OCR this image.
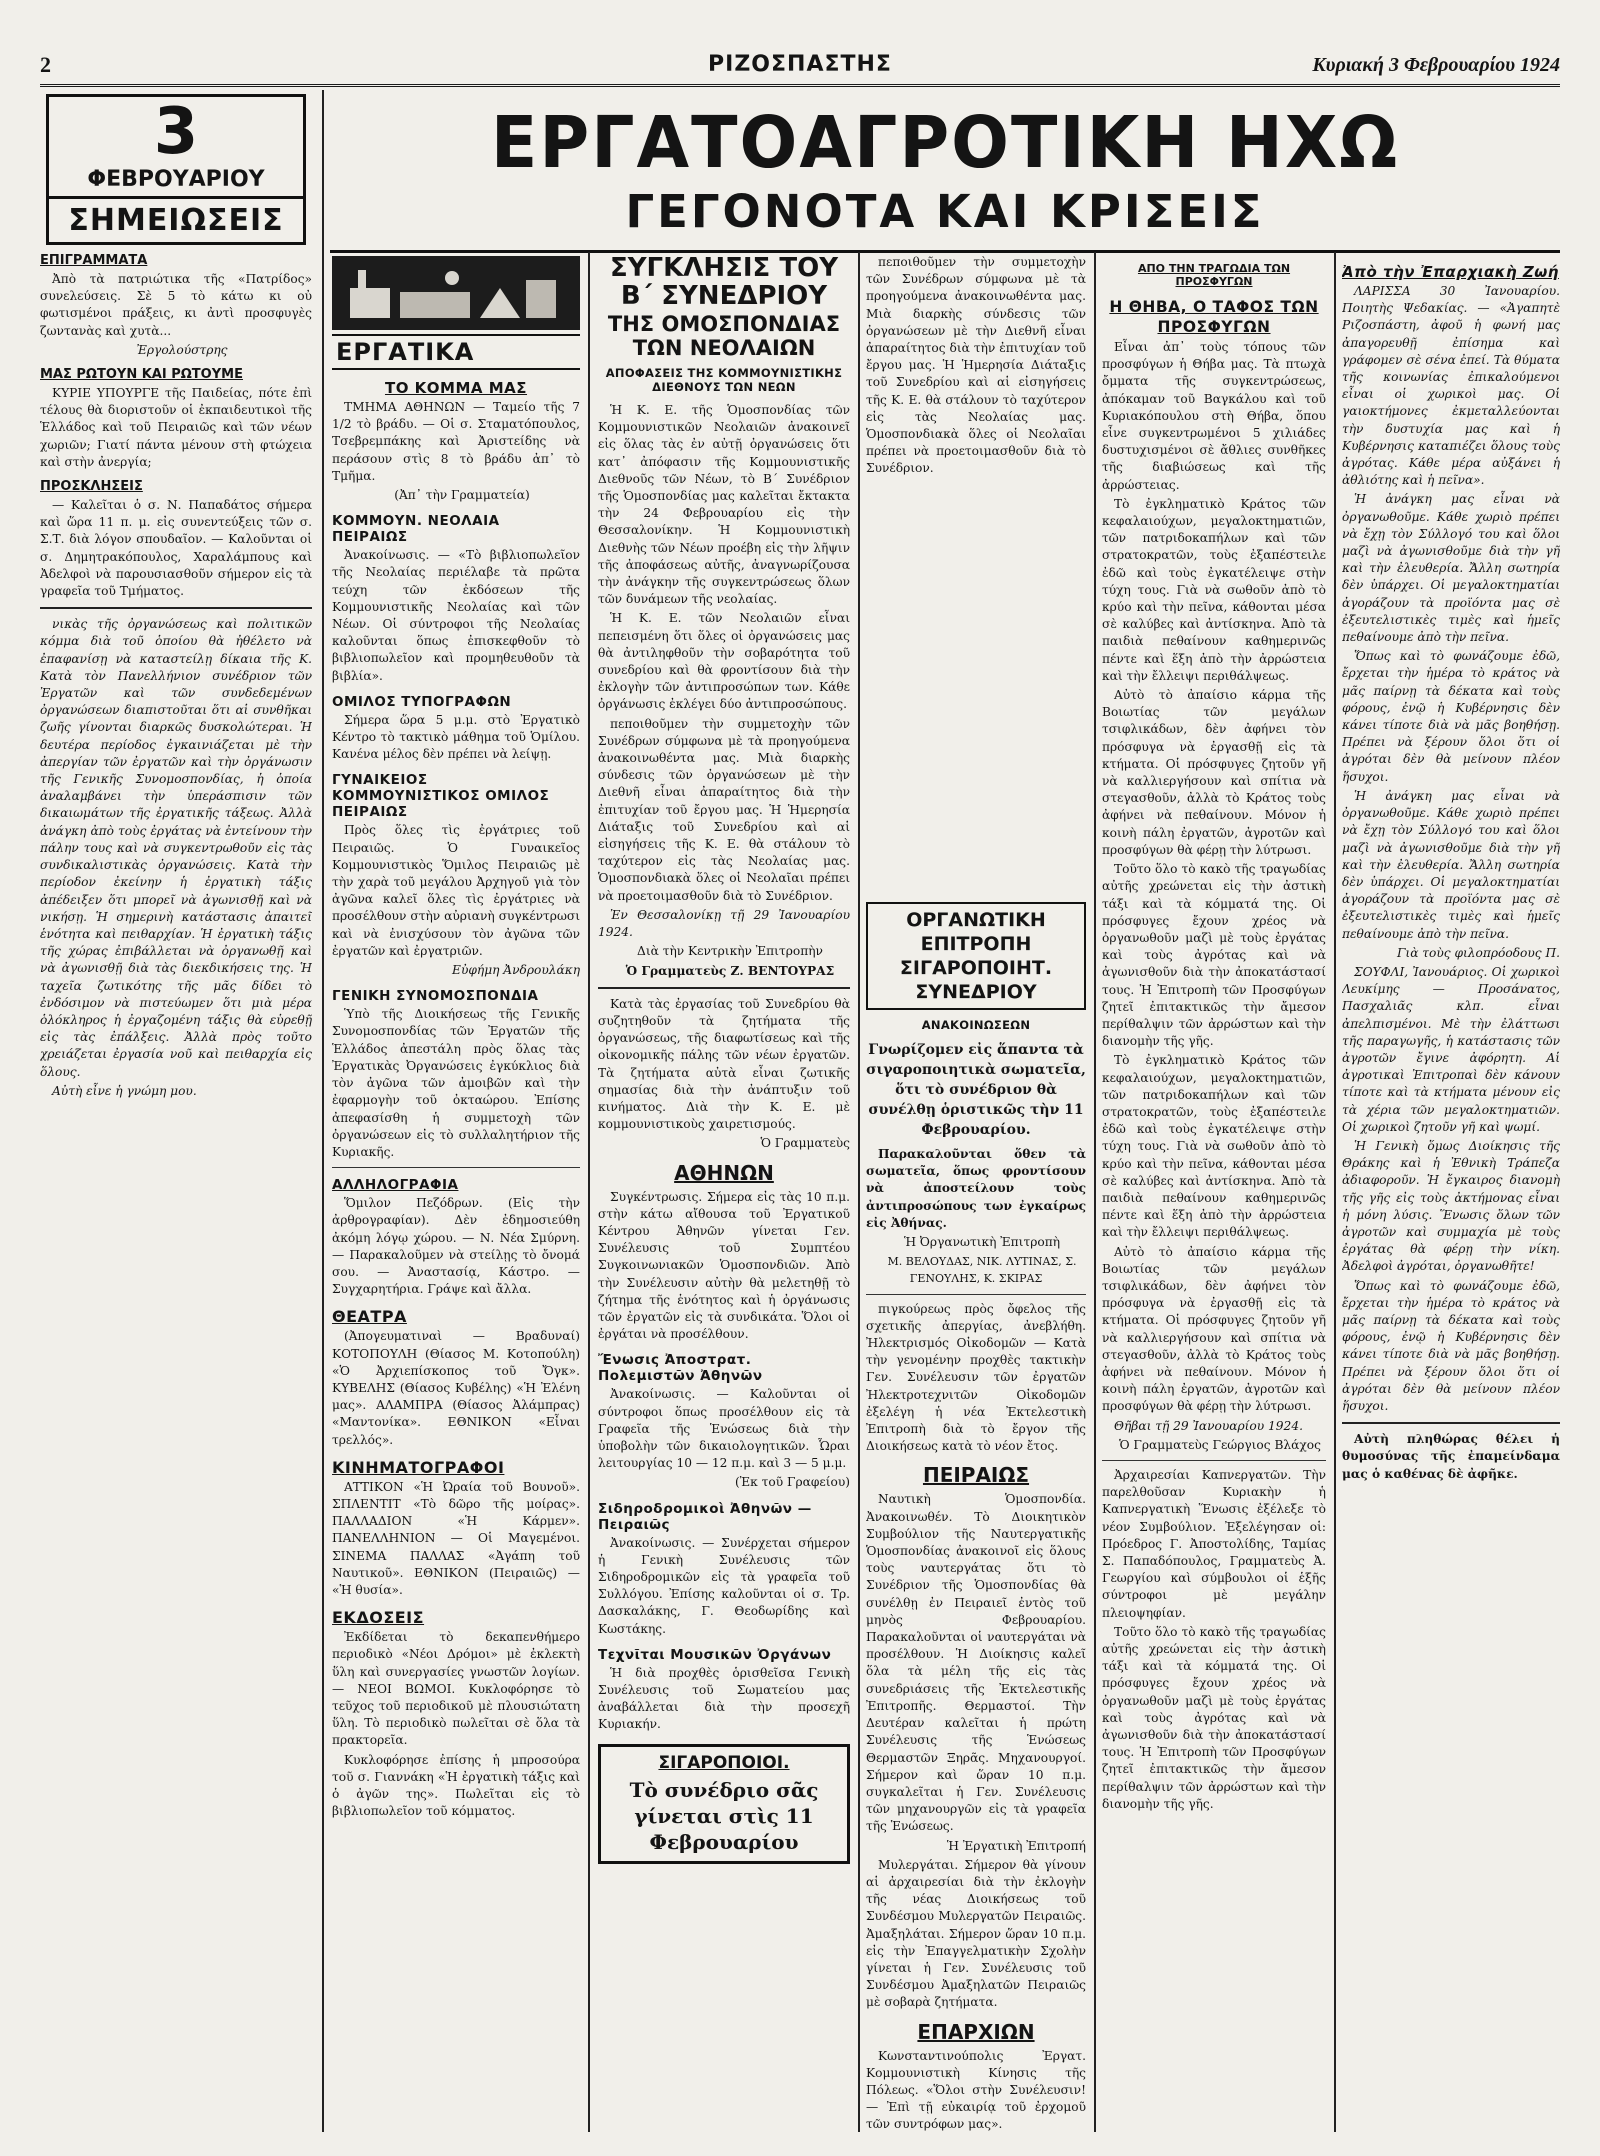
2	ΡΙΖΟΣΠΑΣΤΗΣ	Κυριακή 3 Φεβρουαρίου 1924
ΕΡΓΑΤΟΑΓΡΟΤΙΚΗ ΗΧΩ
ΓΕΓΟΝΟΤΑ ΚΑΙ ΚΡΙΣΕΙΣ
3
ΦΕΒΡΟΥΑΡΙΟΥ
ΣΗΜΕΙΩΣΕΙΣ
ΕΠΙΓΡΑΜΜΑΤΑ

Ἀπὸ τὰ πατριώτικα τῆς «Πατρίδος» συνελεύσεις. Σὲ 5 τὸ κάτω κι οὐ φωτισμένοι πράξεις, κι ἀντὶ προσφυγὲς ζωντανὰς καὶ χυτὰ...

Ἐργολούστρης

ΜΑΣ ΡΩΤΟΥΝ ΚΑΙ ΡΩΤΟΥΜΕ

ΚΥΡΙΕ ΥΠΟΥΡΓΕ τῆς Παιδείας, πότε ἐπὶ τέλους θὰ διοριστοῦν οἱ ἐκπαιδευτικοὶ τῆς Ἑλλάδος καὶ τοῦ Πειραιῶς καὶ τῶν νέων χωριῶν; Γιατί πάντα μένουν στὴ φτώχεια καὶ στὴν ἀνεργία;

ΠΡΟΣΚΛΗΣΕΙΣ

— Καλεῖται ὁ σ. Ν. Παπαδάτος σήμερα καὶ ὥρα 11 π. μ. εἰς συνεντεύξεις τῶν σ. Σ.Τ. διὰ λόγον σπουδαῖον. — Καλοῦνται οἱ σ. Δημητρακόπουλος, Χαραλάμπους καὶ Ἀδελφοὶ νὰ παρουσιασθοῦν σήμερον εἰς τὰ γραφεῖα τοῦ Τμήματος.

νικὰς τῆς ὀργανώσεως καὶ πολιτικῶν κόμμα διὰ τοῦ ὁποίου θὰ ἠθέλετο νὰ ἐπαφανίσῃ νὰ καταστείλῃ δίκαια τῆς Κ. Κατὰ τὸν Πανελλήνιον συνέδριον τῶν Ἐργατῶν καὶ τῶν συνδεδεμένων ὀργανώσεων διαπιστοῦται ὅτι αἱ συνθῆκαι ζωῆς γίνονται διαρκῶς δυσκολώτεραι. Ἡ δευτέρα περίοδος ἐγκαινιάζεται μὲ τὴν ἀπεργίαν τῶν ἐργατῶν καὶ τὴν ὀργάνωσιν τῆς Γενικῆς Συνομοσπονδίας, ἡ ὁποία ἀναλαμβάνει τὴν ὑπεράσπισιν τῶν δικαιωμάτων τῆς ἐργατικῆς τάξεως. Ἀλλὰ ἀνάγκη ἀπὸ τοὺς ἐργάτας νὰ ἐντείνουν τὴν πάλην τους καὶ νὰ συγκεντρωθοῦν εἰς τὰς συνδικαλιστικὰς ὀργανώσεις. Κατὰ τὴν περίοδον ἐκείνην ἡ ἐργατικὴ τάξις ἀπέδειξεν ὅτι μπορεῖ νὰ ἀγωνισθῇ καὶ νὰ νικήσῃ. Ἡ σημερινὴ κατάστασις ἀπαιτεῖ ἑνότητα καὶ πειθαρχίαν. Ἡ ἐργατικὴ τάξις τῆς χώρας ἐπιβάλλεται νὰ ὀργανωθῇ καὶ νὰ ἀγωνισθῇ διὰ τὰς διεκδικήσεις της. Ἡ ταχεῖα ζωτικότης τῆς μᾶς δίδει τὸ ἐνδόσιμον νὰ πιστεύωμεν ὅτι μιὰ μέρα ὁλόκληρος ἡ ἐργαζομένη τάξις θὰ εὑρεθῇ εἰς τὰς ἐπάλξεις. Ἀλλὰ πρὸς τοῦτο χρειάζεται ἐργασία νοῦ καὶ πειθαρχία εἰς ὅλους.

Αὐτὴ εἶνε ἡ γνώμη μου.

ΕΡΓΑΤΙΚΑ
ΤΟ ΚΟΜΜΑ ΜΑΣ

ΤΜΗΜΑ ΑΘΗΝΩΝ — Ταμείο τῆς 7 1/2 τὸ βράδυ. — Οἱ σ. Σταματόπουλος, Τσεβρεμπάκης καὶ Ἀριστείδης νὰ περάσουν στὶς 8 τὸ βράδυ ἀπ᾽ τὸ Τμῆμα.

(Ἀπ᾽ τὴν Γραμματεία)

ΚΟΜΜΟΥΝ. ΝΕΟΛΑΙΑ ΠΕΙΡΑΙΩΣ

Ἀνακοίνωσις. — «Τὸ βιβλιοπωλεῖον τῆς Νεολαίας περιέλαβε τὰ πρῶτα τεύχη τῶν ἐκδόσεων τῆς Κομμουνιστικῆς Νεολαίας καὶ τῶν Νέων. Οἱ σύντροφοι τῆς Νεολαίας καλοῦνται ὅπως ἐπισκεφθοῦν τὸ βιβλιοπωλεῖον καὶ προμηθευθοῦν τὰ βιβλία».

ΟΜΙΛΟΣ ΤΥΠΟΓΡΑΦΩΝ

Σήμερα ὥρα 5 μ.μ. στὸ Ἐργατικὸ Κέντρο τὸ τακτικὸ μάθημα τοῦ Ὁμίλου. Κανένα μέλος δὲν πρέπει νὰ λείψῃ.

ΓΥΝΑΙΚΕΙΟΣ ΚΟΜΜΟΥΝΙΣΤΙΚΟΣ ΟΜΙΛΟΣ ΠΕΙΡΑΙΩΣ

Πρὸς ὅλες τὶς ἐργάτριες τοῦ Πειραιῶς. Ὁ Γυναικεῖος Κομμουνιστικὸς Ὅμιλος Πειραιῶς μὲ τὴν χαρὰ τοῦ μεγάλου Ἀρχηγοῦ γιὰ τὸν ἀγῶνα καλεῖ ὅλες τὶς ἐργάτριες νὰ προσέλθουν στὴν αὐριανὴ συγκέντρωσι καὶ νὰ ἐνισχύσουν τὸν ἀγῶνα τῶν ἐργατῶν καὶ ἐργατριῶν.

Εὐφήμη Ἀνδρουλάκη

ΓΕΝΙΚΗ ΣΥΝΟΜΟΣΠΟΝΔΙΑ

Ὑπὸ τῆς Διοικήσεως τῆς Γενικῆς Συνομοσπονδίας τῶν Ἐργατῶν τῆς Ἑλλάδος ἀπεστάλη πρὸς ὅλας τὰς Ἐργατικὰς Ὀργανώσεις ἐγκύκλιος διὰ τὸν ἀγῶνα τῶν ἀμοιβῶν καὶ τὴν ἐφαρμογὴν τοῦ ὀκταώρου. Ἐπίσης ἀπεφασίσθη ἡ συμμετοχὴ τῶν ὀργανώσεων εἰς τὸ συλλαλητήριον τῆς Κυριακῆς.

ΑΛΛΗΛΟΓΡΑΦΙΑ

Ὅμιλον Πεζόδρων. (Εἰς τὴν ἀρθρογραφίαν). Δὲν ἐδημοσιεύθη ἀκόμη λόγῳ χώρου. — Ν. Νέα Σμύρνη. — Παρακαλοῦμεν νὰ στείλῃς τὸ ὄνομά σου. — Ἀναστασίᾳ, Κάστρο. — Συγχαρητήρια. Γράψε καὶ ἄλλα.

ΘΕΑΤΡΑ

(Ἀπογευματιναὶ — Βραδυναί) ΚΟΤΟΠΟΥΛΗ (Θίασος Μ. Κοτοπούλη) «Ὁ Ἀρχιεπίσκοπος τοῦ Ὄγκ». ΚΥΒΕΛΗΣ (Θίασος Κυβέλης) «Ἡ Ἐλένη μας». ΑΛΑΜΠΡΑ (Θίασος Ἀλάμπρας) «Μαντονίκα». ΕΘΝΙΚΟΝ «Εἶναι τρελλός».

ΚΙΝΗΜΑΤΟΓΡΑΦΟΙ

ΑΤΤΙΚΟΝ «Ἡ Ὠραία τοῦ Βουνοῦ». ΣΠΛΕΝΤΙΤ «Τὸ δῶρο τῆς μοίρας». ΠΑΛΛΑΔΙΟΝ «Ἡ Κάρμεν». ΠΑΝΕΛΛΗΝΙΟΝ — Οἱ Μαγεμένοι. ΣΙΝΕΜΑ ΠΑΛΛΑΣ «Ἀγάπη τοῦ Ναυτικοῦ». ΕΘΝΙΚΟΝ (Πειραιῶς) — «Ἡ θυσία».

ΕΚΔΟΣΕΙΣ

Ἐκδίδεται τὸ δεκαπενθήμερο περιοδικὸ «Νέοι Δρόμοι» μὲ ἐκλεκτὴ ὕλη καὶ συνεργασίες γνωστῶν λογίων. — ΝΕΟΙ ΒΩΜΟΙ. Κυκλοφόρησε τὸ τεῦχος τοῦ περιοδικοῦ μὲ πλουσιώτατη ὕλη. Τὸ περιοδικὸ πωλεῖται σὲ ὅλα τὰ πρακτορεῖα.

Κυκλοφόρησε ἐπίσης ἡ μπροσούρα τοῦ σ. Γιαννάκη «Ἡ ἐργατικὴ τάξις καὶ ὁ ἀγῶν της». Πωλεῖται εἰς τὸ βιβλιοπωλεῖον τοῦ κόμματος.

ΣΥΓΚΛΗΣΙΣ ΤΟΥ Β΄ ΣΥΝΕΔΡΙΟΥ
ΤΗΣ ΟΜΟΣΠΟΝΔΙΑΣ ΤΩΝ ΝΕΟΛΑΙΩΝ
ΑΠΟΦΑΣΕΙΣ ΤΗΣ ΚΟΜΜΟΥΝΙΣΤΙΚΗΣ ΔΙΕΘΝΟΥΣ ΤΩΝ ΝΕΩΝ

Ἡ Κ. Ε. τῆς Ὁμοσπονδίας τῶν Κομμουνιστικῶν Νεολαιῶν ἀνακοινεῖ εἰς ὅλας τὰς ἐν αὐτῇ ὀργανώσεις ὅτι κατ᾽ ἀπόφασιν τῆς Κομμουνιστικῆς Διεθνοῦς τῶν Νέων, τὸ Β΄ Συνέδριον τῆς Ὁμοσπονδίας μας καλεῖται ἔκτακτα τὴν 24 Φεβρουαρίου εἰς τὴν Θεσσαλονίκην. Ἡ Κομμουνιστικὴ Διεθνὴς τῶν Νέων προέβη εἰς τὴν λῆψιν τῆς ἀποφάσεως αὐτῆς, ἀναγνωρίζουσα τὴν ἀνάγκην τῆς συγκεντρώσεως ὅλων τῶν δυνάμεων τῆς νεολαίας.

Ἡ Κ. Ε. τῶν Νεολαιῶν εἶναι πεπεισμένη ὅτι ὅλες οἱ ὀργανώσεις μας θὰ ἀντιληφθοῦν τὴν σοβαρότητα τοῦ συνεδρίου καὶ θὰ φροντίσουν διὰ τὴν ἐκλογὴν τῶν ἀντιπροσώπων των. Κάθε ὀργάνωσις ἐκλέγει δύο ἀντιπροσώπους.

πεποιθοῦμεν τὴν συμμετοχὴν τῶν Συνέδρων σύμφωνα μὲ τὰ προηγούμενα ἀνακοινωθέντα μας. Μιὰ διαρκὴς σύνδεσις τῶν ὀργανώσεων μὲ τὴν Διεθνῆ εἶναι ἀπαραίτητος διὰ τὴν ἐπιτυχίαν τοῦ ἔργου μας. Ἡ Ἡμερησία Διάταξις τοῦ Συνεδρίου καὶ αἱ εἰσηγήσεις τῆς Κ. Ε. θὰ στάλουν τὸ ταχύτερον εἰς τὰς Νεολαίας μας. Ὁμοσπονδιακὰ ὅλες οἱ Νεολαῖαι πρέπει νὰ προετοιμασθοῦν διὰ τὸ Συνέδριον.

Ἐν Θεσσαλονίκῃ τῇ 29 Ἰανουαρίου 1924.

Διὰ τὴν Κεντρικὴν Ἐπιτροπὴν

Ὁ Γραμματεὺς Ζ. ΒΕΝΤΟΥΡΑΣ

Κατὰ τὰς ἐργασίας τοῦ Συνεδρίου θὰ συζητηθοῦν τὰ ζητήματα τῆς ὀργανώσεως, τῆς διαφωτίσεως καὶ τῆς οἰκονομικῆς πάλης τῶν νέων ἐργατῶν. Τὰ ζητήματα αὐτὰ εἶναι ζωτικῆς σημασίας διὰ τὴν ἀνάπτυξιν τοῦ κινήματος. Διὰ τὴν Κ. Ε. μὲ κομμουνιστικοὺς χαιρετισμούς.

Ὁ Γραμματεὺς

ΑΘΗΝΩΝ

Συγκέντρωσις. Σήμερα εἰς τὰς 10 π.μ. στὴν κάτω αἴθουσα τοῦ Ἐργατικοῦ Κέντρου Ἀθηνῶν γίνεται Γεν. Συνέλευσις τοῦ Συμπτέου Συγκοινωνιακῶν Ὁμοσπονδιῶν. Ἀπὸ τὴν Συνέλευσιν αὐτὴν θὰ μελετηθῇ τὸ ζήτημα τῆς ἑνότητος καὶ ἡ ὀργάνωσις τῶν ἐργατῶν εἰς τὰ συνδικάτα. Ὅλοι οἱ ἐργάται νὰ προσέλθουν.

Ἔνωσις Ἀποστρατ. Πολεμιστῶν Ἀθηνῶν

Ἀνακοίνωσις. — Καλοῦνται οἱ σύντροφοι ὅπως προσέλθουν εἰς τὰ Γραφεῖα τῆς Ἑνώσεως διὰ τὴν ὑποβολὴν τῶν δικαιολογητικῶν. Ὧραι λειτουργίας 10 — 12 π.μ. καὶ 3 — 5 μ.μ.

(Ἐκ τοῦ Γραφείου)

Σιδηροδρομικοὶ Ἀθηνῶν — Πειραιῶς

Ἀνακοίνωσις. — Συνέρχεται σήμερον ἡ Γενικὴ Συνέλευσις τῶν Σιδηροδρομικῶν εἰς τὰ γραφεῖα τοῦ Συλλόγου. Ἐπίσης καλοῦνται οἱ σ. Τρ. Δασκαλάκης, Γ. Θεοδωρίδης καὶ Κωστάκης.

Τεχνῖται Μουσικῶν Ὀργάνων

Ἡ διὰ προχθὲς ὁρισθεῖσα Γενικὴ Συνέλευσις τοῦ Σωματείου μας ἀναβάλλεται διὰ τὴν προσεχῆ Κυριακήν.

ΣΙΓΑΡΟΠΟΙΟΙ.
Τὸ συνέδριο σᾶς γίνεται στὶς 11 Φεβρουαρίου

πεποιθοῦμεν τὴν συμμετοχὴν τῶν Συνέδρων σύμφωνα μὲ τὰ προηγούμενα ἀνακοινωθέντα μας. Μιὰ διαρκὴς σύνδεσις τῶν ὀργανώσεων μὲ τὴν Διεθνῆ εἶναι ἀπαραίτητος διὰ τὴν ἐπιτυχίαν τοῦ ἔργου μας. Ἡ Ἡμερησία Διάταξις τοῦ Συνεδρίου καὶ αἱ εἰσηγήσεις τῆς Κ. Ε. θὰ στάλουν τὸ ταχύτερον εἰς τὰς Νεολαίας μας. Ὁμοσπονδιακὰ ὅλες οἱ Νεολαῖαι πρέπει νὰ προετοιμασθοῦν διὰ τὸ Συνέδριον.

ΟΡΓΑΝΩΤΙΚΗ ΕΠΙΤΡΟΠΗ ΣΙΓΑΡΟΠΟΙΗΤ. ΣΥΝΕΔΡΙΟΥ
ΑΝΑΚΟΙΝΩΣΕΩΝ
Γνωρίζομεν εἰς ἅπαντα τὰ σιγαροποιητικὰ σωματεῖα, ὅτι τὸ συνέδριον θὰ συνέλθῃ ὁριστικῶς τὴν 11 Φεβρουαρίου.

Παρακαλοῦνται ὅθεν τὰ σωματεῖα, ὅπως φροντίσουν νὰ ἀποστείλουν τοὺς ἀντιπροσώπους των ἐγκαίρως εἰς Ἀθήνας.

Ἡ Ὀργανωτικὴ Ἐπιτροπὴ

Μ. ΒΕΛΟΥΔΑΣ, ΝΙΚ. ΛΥΤΙΝΑΣ, Σ. ΓΕΝΟΥΛΗΣ, Κ. ΣΚΙΡΑΣ

πιγκούρεως πρὸς ὄφελος τῆς σχετικῆς ἀπεργίας, ἀνεβλήθη. Ἠλεκτρισμός Οἰκοδομῶν — Κατὰ τὴν γενομένην προχθὲς τακτικὴν Γεν. Συνέλευσιν τῶν ἐργατῶν Ἠλεκτροτεχνιτῶν Οἰκοδομῶν ἐξελέγη ἡ νέα Ἐκτελεστικὴ Ἐπιτροπὴ διὰ τὸ ἔργον τῆς Διοικήσεως κατὰ τὸ νέον ἔτος.

ΠΕΙΡΑΙΩΣ

Ναυτικὴ Ὁμοσπονδία. Ἀνακοινωθέν. Τὸ Διοικητικὸν Συμβούλιον τῆς Ναυτεργατικῆς Ὁμοσπονδίας ἀνακοινοῖ εἰς ὅλους τοὺς ναυτεργάτας ὅτι τὸ Συνέδριον τῆς Ὁμοσπονδίας θὰ συνέλθῃ ἐν Πειραιεῖ ἐντὸς τοῦ μηνὸς Φεβρουαρίου. Παρακαλοῦνται οἱ ναυτεργάται νὰ προσέλθουν. Ἡ Διοίκησις καλεῖ ὅλα τὰ μέλη τῆς εἰς τὰς συνεδριάσεις τῆς Ἐκτελεστικῆς Ἐπιτροπῆς. Θερμαστοί. Τὴν Δευτέραν καλεῖται ἡ πρώτη Συνέλευσις τῆς Ἑνώσεως Θερμαστῶν Ξηρᾶς. Μηχανουργοί. Σήμερον καὶ ὥραν 10 π.μ. συγκαλεῖται ἡ Γεν. Συνέλευσις τῶν μηχανουργῶν εἰς τὰ γραφεῖα τῆς Ἑνώσεως.

Ἡ Ἐργατικὴ Ἐπιτροπή

Μυλεργάται. Σήμερον θὰ γίνουν αἱ ἀρχαιρεσίαι διὰ τὴν ἐκλογὴν τῆς νέας Διοικήσεως τοῦ Συνδέσμου Μυλεργατῶν Πειραιῶς. Ἀμαξηλάται. Σήμερον ὥραν 10 π.μ. εἰς τὴν Ἐπαγγελματικὴν Σχολὴν γίνεται ἡ Γεν. Συνέλευσις τοῦ Συνδέσμου Ἀμαξηλατῶν Πειραιῶς μὲ σοβαρὰ ζητήματα.

ΕΠΑΡΧΙΩΝ

Κωνσταντινούπολις Ἐργατ. Κομμουνιστικὴ Κίνησις τῆς Πόλεως. «Ὅλοι στὴν Συνέλευσιν! — Ἐπὶ τῇ εὐκαιρίᾳ τοῦ ἐρχομοῦ τῶν συντρόφων μας».

ΑΠΟ ΤΗΝ ΤΡΑΓΩΔΙΑ ΤΩΝ ΠΡΟΣΦΥΓΩΝ
Η ΘΗΒΑ, Ο ΤΑΦΟΣ ΤΩΝ ΠΡΟΣΦΥΓΩΝ

Εἶναι ἀπ᾽ τοὺς τόπους τῶν προσφύγων ἡ Θήβα μας. Τὰ πτωχὰ ὄμματα τῆς συγκεντρώσεως, ἀπόκαμαν τοῦ Βαγκάλου καὶ τοῦ Κυριακόπουλου στὴ Θήβα, ὅπου εἶνε συγκεντρωμένοι 5 χιλιάδες δυστυχισμένοι σὲ ἄθλιες συνθῆκες τῆς διαβιώσεως καὶ τῆς ἀρρώστειας.

Τὸ ἐγκληματικὸ Κράτος τῶν κεφαλαιούχων, μεγαλοκτηματιῶν, τῶν πατριδοκαπήλων καὶ τῶν στρατοκρατῶν, τοὺς ἐξαπέστειλε ἐδῶ καὶ τοὺς ἐγκατέλειψε στὴν τύχη τους. Γιὰ νὰ σωθοῦν ἀπὸ τὸ κρύο καὶ τὴν πεῖνα, κάθονται μέσα σὲ καλύβες καὶ ἀντίσκηνα. Ἀπὸ τὰ παιδιὰ πεθαίνουν καθημερινῶς πέντε καὶ ἕξη ἀπὸ τὴν ἀρρώστεια καὶ τὴν ἔλλειψι περιθάλψεως.

Αὐτὸ τὸ ἀπαίσιο κάρμα τῆς Βοιωτίας τῶν μεγάλων τσιφλικάδων, δὲν ἀφήνει τὸν πρόσφυγα νὰ ἐργασθῇ εἰς τὰ κτήματα. Οἱ πρόσφυγες ζητοῦν γῆ νὰ καλλιεργήσουν καὶ σπίτια νὰ στεγασθοῦν, ἀλλὰ τὸ Κράτος τοὺς ἀφήνει νὰ πεθαίνουν. Μόνον ἡ κοινὴ πάλη ἐργατῶν, ἀγροτῶν καὶ προσφύγων θὰ φέρῃ τὴν λύτρωσι.

Τοῦτο ὅλο τὸ κακὸ τῆς τραγωδίας αὐτῆς χρεώνεται εἰς τὴν ἀστικὴ τάξι καὶ τὰ κόμματά της. Οἱ πρόσφυγες ἔχουν χρέος νὰ ὀργανωθοῦν μαζὶ μὲ τοὺς ἐργάτας καὶ τοὺς ἀγρότας καὶ νὰ ἀγωνισθοῦν διὰ τὴν ἀποκατάστασί τους. Ἡ Ἐπιτροπὴ τῶν Προσφύγων ζητεῖ ἐπιτακτικῶς τὴν ἄμεσον περίθαλψιν τῶν ἀρρώστων καὶ τὴν διανομὴν τῆς γῆς.

Τὸ ἐγκληματικὸ Κράτος τῶν κεφαλαιούχων, μεγαλοκτηματιῶν, τῶν πατριδοκαπήλων καὶ τῶν στρατοκρατῶν, τοὺς ἐξαπέστειλε ἐδῶ καὶ τοὺς ἐγκατέλειψε στὴν τύχη τους. Γιὰ νὰ σωθοῦν ἀπὸ τὸ κρύο καὶ τὴν πεῖνα, κάθονται μέσα σὲ καλύβες καὶ ἀντίσκηνα. Ἀπὸ τὰ παιδιὰ πεθαίνουν καθημερινῶς πέντε καὶ ἕξη ἀπὸ τὴν ἀρρώστεια καὶ τὴν ἔλλειψι περιθάλψεως.

Αὐτὸ τὸ ἀπαίσιο κάρμα τῆς Βοιωτίας τῶν μεγάλων τσιφλικάδων, δὲν ἀφήνει τὸν πρόσφυγα νὰ ἐργασθῇ εἰς τὰ κτήματα. Οἱ πρόσφυγες ζητοῦν γῆ νὰ καλλιεργήσουν καὶ σπίτια νὰ στεγασθοῦν, ἀλλὰ τὸ Κράτος τοὺς ἀφήνει νὰ πεθαίνουν. Μόνον ἡ κοινὴ πάλη ἐργατῶν, ἀγροτῶν καὶ προσφύγων θὰ φέρῃ τὴν λύτρωσι.

Θῆβαι τῇ 29 Ἰανουαρίου 1924.

Ὁ Γραμματεὺς Γεώργιος Βλάχος

Ἀρχαιρεσίαι Καπνεργατῶν. Τὴν παρελθοῦσαν Κυριακὴν ἡ Καπνεργατικὴ Ἕνωσις ἐξέλεξε τὸ νέον Συμβούλιον. Ἐξελέγησαν οἱ: Πρόεδρος Γ. Ἀποστολίδης, Ταμίας Σ. Παπαδόπουλος, Γραμματεὺς Ἀ. Γεωργίου καὶ σύμβουλοι οἱ ἑξῆς σύντροφοι μὲ μεγάλην πλειοψηφίαν.

Τοῦτο ὅλο τὸ κακὸ τῆς τραγωδίας αὐτῆς χρεώνεται εἰς τὴν ἀστικὴ τάξι καὶ τὰ κόμματά της. Οἱ πρόσφυγες ἔχουν χρέος νὰ ὀργανωθοῦν μαζὶ μὲ τοὺς ἐργάτας καὶ τοὺς ἀγρότας καὶ νὰ ἀγωνισθοῦν διὰ τὴν ἀποκατάστασί τους. Ἡ Ἐπιτροπὴ τῶν Προσφύγων ζητεῖ ἐπιτακτικῶς τὴν ἄμεσον περίθαλψιν τῶν ἀρρώστων καὶ τὴν διανομὴν τῆς γῆς.

Ἀπὸ τὴν Ἐπαρχιακὴ Ζωή

ΛΑΡΙΣΣΑ 30 Ἰανουαρίου. Ποιητὴς Ψεδακίας. — «Ἀγαπητὲ Ριζοσπάστη, ἀφοῦ ἡ φωνή μας ἀπαγορευθῇ ἐπίσημα καὶ γράφομεν σὲ σένα ἐπεί. Τὰ θύματα τῆς κοινωνίας ἐπικαλούμενοι εἶναι οἱ χωρικοὶ μας. Οἱ γαιοκτήμονες ἐκμεταλλεύονται τὴν δυστυχία μας καὶ ἡ Κυβέρνησις καταπιέζει ὅλους τοὺς ἀγρότας. Κάθε μέρα αὐξάνει ἡ ἀθλιότης καὶ ἡ πεῖνα».

Ἡ ἀνάγκη μας εἶναι νὰ ὀργανωθοῦμε. Κάθε χωριὸ πρέπει νὰ ἔχῃ τὸν Σύλλογό του καὶ ὅλοι μαζὶ νὰ ἀγωνισθοῦμε διὰ τὴν γῆ καὶ τὴν ἐλευθερία. Ἄλλη σωτηρία δὲν ὑπάρχει. Οἱ μεγαλοκτηματίαι ἀγοράζουν τὰ προϊόντα μας σὲ ἐξευτελιστικὲς τιμὲς καὶ ἡμεῖς πεθαίνουμε ἀπὸ τὴν πεῖνα.

Ὅπως καὶ τὸ φωνάζουμε ἐδῶ, ἔρχεται τὴν ἡμέρα τὸ κράτος νὰ μᾶς παίρνῃ τὰ δέκατα καὶ τοὺς φόρους, ἐνῷ ἡ Κυβέρνησις δὲν κάνει τίποτε διὰ νὰ μᾶς βοηθήσῃ. Πρέπει νὰ ξέρουν ὅλοι ὅτι οἱ ἀγρόται δὲν θὰ μείνουν πλέον ἥσυχοι.

Ἡ ἀνάγκη μας εἶναι νὰ ὀργανωθοῦμε. Κάθε χωριὸ πρέπει νὰ ἔχῃ τὸν Σύλλογό του καὶ ὅλοι μαζὶ νὰ ἀγωνισθοῦμε διὰ τὴν γῆ καὶ τὴν ἐλευθερία. Ἄλλη σωτηρία δὲν ὑπάρχει. Οἱ μεγαλοκτηματίαι ἀγοράζουν τὰ προϊόντα μας σὲ ἐξευτελιστικὲς τιμὲς καὶ ἡμεῖς πεθαίνουμε ἀπὸ τὴν πεῖνα.

Γιὰ τοὺς φιλοπρόοδους Π.

ΣΟΥΦΛΙ, Ἰανουάριος. Οἱ χωρικοὶ Λευκίμης — Προσάνατος, Πασχαλιᾶς κλπ. εἶναι ἀπελπισμένοι. Μὲ τὴν ἐλάττωσι τῆς παραγωγῆς, ἡ κατάστασις τῶν ἀγροτῶν ἔγινε ἀφόρητη. Αἱ ἀγροτικαὶ Ἐπιτροπαὶ δὲν κάνουν τίποτε καὶ τὰ κτήματα μένουν εἰς τὰ χέρια τῶν μεγαλοκτηματιῶν. Οἱ χωρικοὶ ζητοῦν γῆ καὶ ψωμί.

Ἡ Γενικὴ ὅμως Διοίκησις τῆς Θράκης καὶ ἡ Ἐθνικὴ Τράπεζα ἀδιαφοροῦν. Ἡ ἔγκαιρος διανομὴ τῆς γῆς εἰς τοὺς ἀκτήμονας εἶναι ἡ μόνη λύσις. Ἕνωσις ὅλων τῶν ἀγροτῶν καὶ συμμαχία μὲ τοὺς ἐργάτας θὰ φέρῃ τὴν νίκη. Ἀδελφοὶ ἀγρόται, ὀργανωθῆτε!

Ὅπως καὶ τὸ φωνάζουμε ἐδῶ, ἔρχεται τὴν ἡμέρα τὸ κράτος νὰ μᾶς παίρνῃ τὰ δέκατα καὶ τοὺς φόρους, ἐνῷ ἡ Κυβέρνησις δὲν κάνει τίποτε διὰ νὰ μᾶς βοηθήσῃ. Πρέπει νὰ ξέρουν ὅλοι ὅτι οἱ ἀγρόται δὲν θὰ μείνουν πλέον ἥσυχοι.

Αὐτὴ πληθώρας θέλει ἡ θυμοσύνας τῆς ἐπαμείνδαμα μας ὁ καθένας δὲ ἀφῆκε.
